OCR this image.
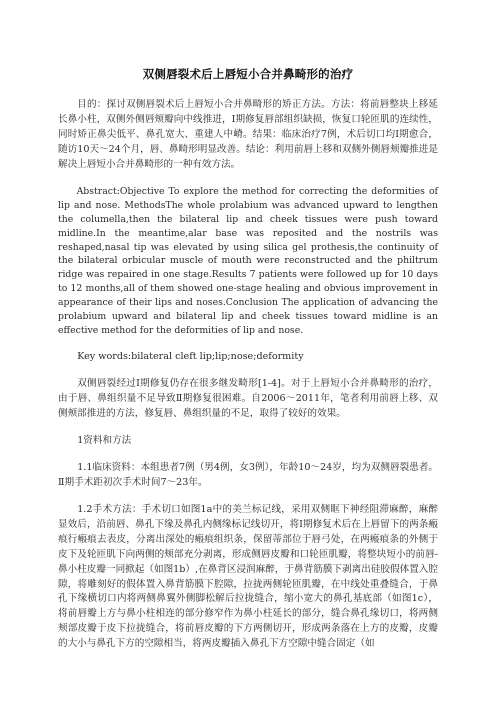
双侧唇裂术后上唇短小合并鼻畸形的治疗

目的：探讨双侧唇裂术后上唇短小合并鼻畸形的矫正方法。方法：将前唇整块上移延长鼻小柱，双侧外侧唇颊瓣向中线推进，Ⅰ期修复唇部组织缺损，恢复口轮匝肌的连续性，同时矫正鼻尖低平、鼻孔宽大、重建人中嵴。结果：临床治疗7例，术后切口均Ⅰ期愈合，随访10天～24个月，唇、鼻畸形明显改善。结论：利用前唇上移和双侧外侧唇颊瓣推进是解决上唇短小合并鼻畸形的一种有效方法。

Abstract:Objective To explore the method for correcting the deformities of lip and nose. MethodsThe whole prolabium was advanced upward to lengthen the columella,then the bilateral lip and cheek tissues were push toward midline.In the meantime,alar base was reposited and the nostrils was reshaped,nasal tip was elevated by using silica gel prothesis,the continuity of the bilateral orbicular muscle of mouth were reconstructed and the philtrum ridge was repaired in one stage.Results 7 patients were followed up for 10 days to 12 months,all of them showed one-stage healing and obvious improvement in appearance of their lips and noses.Conclusion The application of advancing the prolabium upward and bilateral lip and cheek tissues toward midline is an effective method for the deformities of lip and nose.

Key words:bilateral cleft lip;lip;nose;deformity

双侧唇裂经过Ⅰ期修复仍存在很多继发畸形[1-4]。对于上唇短小合并鼻畸形的治疗，由于唇、鼻组织量不足导致Ⅱ期修复很困难。自2006～2011年，笔者利用前唇上移、双侧颊部推进的方法，修复唇、鼻组织量的不足，取得了较好的效果。

1资料和方法

1.1临床资料：本组患者7例（男4例，女3例），年龄10～24岁，均为双侧唇裂患者。Ⅱ期手术距初次手术时间7～23年。

1.2手术方法：手术切口如图1a中的美兰标记线，采用双侧眶下神经阻滞麻醉，麻醉显效后，沿前唇、鼻孔下缘及鼻孔内侧缘标记线切开，将Ⅰ期修复术后在上唇留下的两条瘢痕行瘢痕去表皮，分离出深处的瘢痕组织条，保留蒂部位于唇弓处，在两瘢痕条的外侧于皮下及轮匝肌下向两侧的颊部充分剥离，形成侧唇皮瓣和口轮匝肌瓣，将整块短小的前唇-鼻小柱皮瓣一同掀起（如图1b）,在鼻背区浸润麻醉，于鼻背筋膜下剥离出硅胶假体置入腔隙，将雕刻好的假体置入鼻背筋膜下腔隙，拉拢两侧轮匝肌瓣，在中线处重叠缝合，于鼻孔下缘横切口内将两侧鼻翼外侧脚松解后拉拢缝合，缩小宽大的鼻孔基底部（如图1c），将前唇瓣上方与鼻小柱相连的部分修窄作为鼻小柱延长的部分，缝合鼻孔缘切口，将两侧颊部皮瓣于皮下拉拢缝合，将前唇皮瓣的下方两侧切开，形成两条落在上方的皮瓣，皮瓣的大小与鼻孔下方的空隙相当，将两皮瓣插入鼻孔下方空隙中缝合固定（如
